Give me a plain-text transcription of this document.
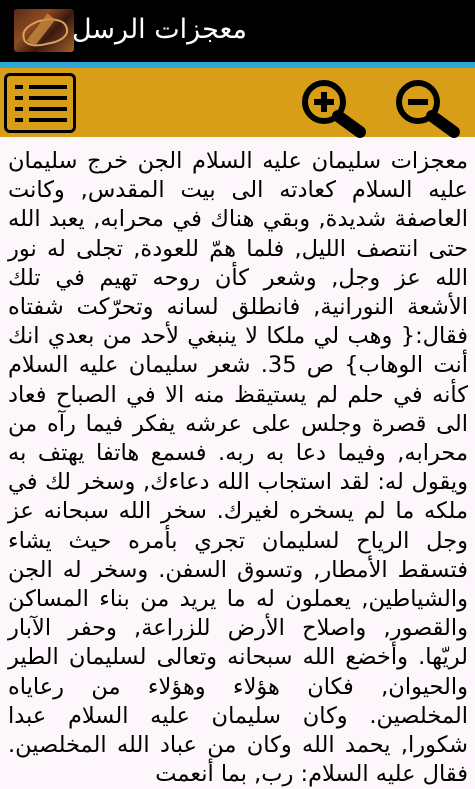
معجزات الرسل
معجزات سليمان عليه السلام الجن خرج سليمان عليه السلام كعادته الى بيت المقدس, وكانت العاصفة شديدة, وبقي هناك في محرابه, يعبد الله حتى انتصف الليل, فلما همّ للعودة, تجلى له نور الله عز وجل, وشعر كأن روحه تهيم في تلك الأشعة النورانية, فانطلق لسانه وتحرّكت شفتاه فقال:{ وهب لي ملكا لا ينبغي لأحد من بعدي انك أنت الوهاب} ص 35. شعر سليمان عليه السلام كأنه في حلم لم يستيقظ منه الا في الصباح فعاد الى قصرة وجلس على عرشه يفكر فيما رآه من محرابه, وفيما دعا به ربه. فسمع هاتفا يهتف به ويقول له: لقد استجاب الله دعاءك, وسخر لك في ملكه ما لم يسخره لغيرك. سخر الله سبحانه عز وجل الرياح لسليمان تجري بأمره حيث يشاء فتسقط الأمطار, وتسوق السفن. وسخر له الجن والشياطين, يعملون له ما يريد من بناء المساكن والقصور, واصلاح الأرض للزراعة, وحفر الآبار لريّها. وأخضع الله سبحانه وتعالى لسليمان الطير والحيوان, فكان هؤلاء وهؤلاء من رعاياه المخلصين. وكان سليمان عليه السلام عبدا شكورا, يحمد الله وكان من عباد الله المخلصين. فقال عليه السلام: رب, بما أنعمت
